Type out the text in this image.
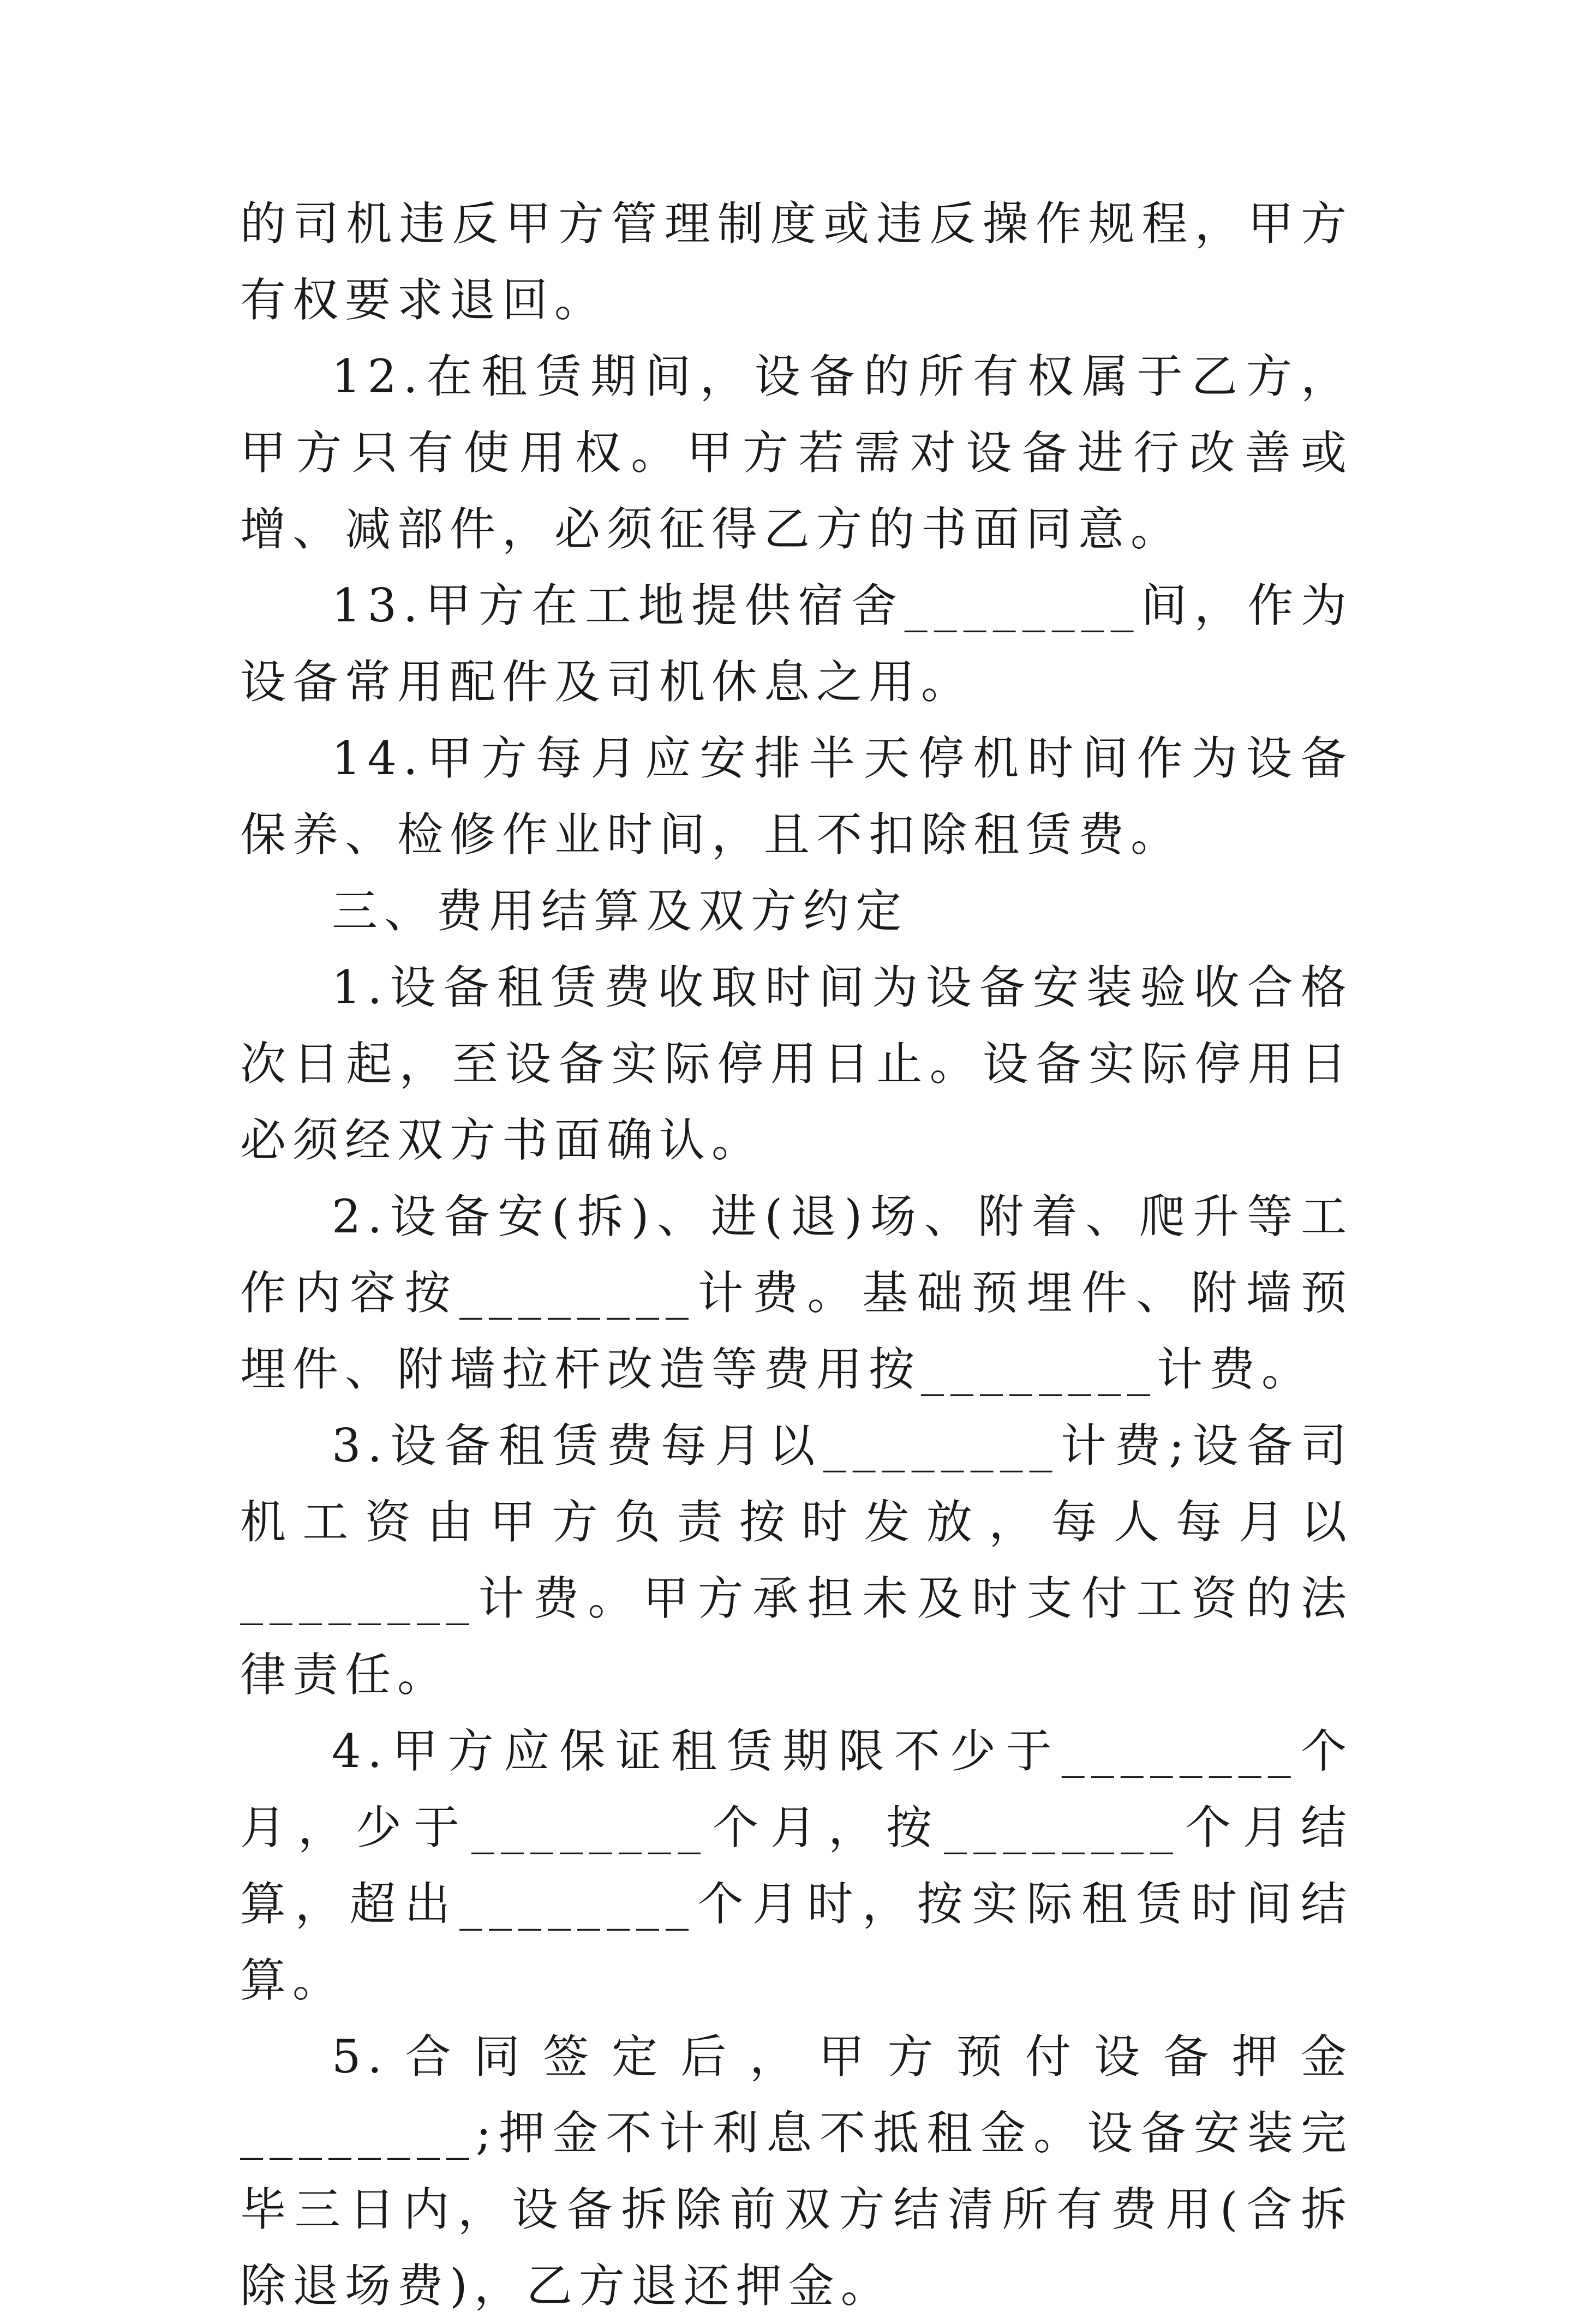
的司机违反甲方管理制度或违反操作规程，甲方有权要求退回。

12.在租赁期间，设备的所有权属于乙方，甲方只有使用权。甲方若需对设备进行改善或增、减部件，必须征得乙方的书面同意。

13.甲方在工地提供宿舍________间，作为设备常用配件及司机休息之用。

14.甲方每月应安排半天停机时间作为设备保养、检修作业时间，且不扣除租赁费。

三、费用结算及双方约定

1.设备租赁费收取时间为设备安装验收合格次日起，至设备实际停用日止。设备实际停用日必须经双方书面确认。

2.设备安(拆)、进(退)场、附着、爬升等工作内容按________计费。基础预埋件、附墙预埋件、附墙拉杆改造等费用按________计费。

3.设备租赁费每月以________计费;设备司机工资由甲方负责按时发放，每人每月以________计费。甲方承担未及时支付工资的法律责任。

4.甲方应保证租赁期限不少于________个月，少于________个月，按________个月结算，超出________个月时，按实际租赁时间结算。

5.合同签定后，甲方预付设备押金________;押金不计利息不抵租金。设备安装完毕三日内，设备拆除前双方结清所有费用(含拆除退场费)，乙方退还押金。
